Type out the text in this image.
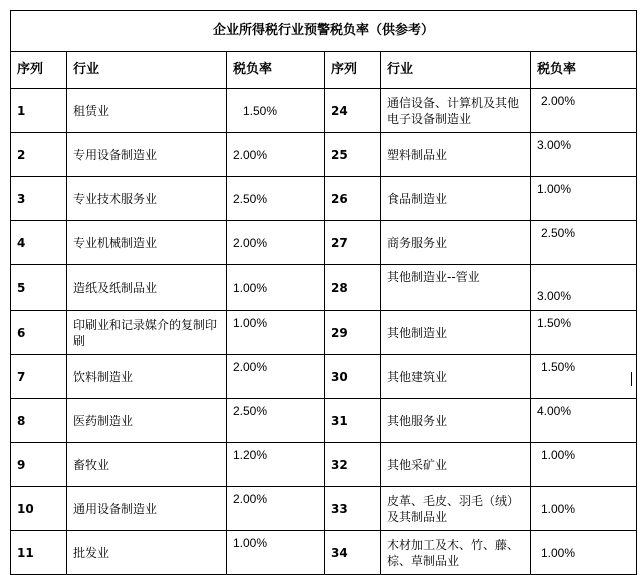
企业所得税行业预警税负率（供参考）					
序列	行业	税负率	序列	行业	税负率
1	租赁业	1.50%	24	通信设备、计算机及其他电子设备制造业	2.00%
2	专用设备制造业	2.00%	25	塑料制品业	3.00%
3	专业技术服务业	2.50%	26	食品制造业	1.00%
4	专业机械制造业	2.00%	27	商务服务业	2.50%
5	造纸及纸制品业	1.00%	28	其他制造业--管业	3.00%
6	印刷业和记录媒介的复制印刷	1.00%	29	其他制造业	1.50%
7	饮料制造业	2.00%	30	其他建筑业	1.50%
8	医药制造业	2.50%	31	其他服务业	4.00%
9	畜牧业	1.20%	32	其他采矿业	1.00%
10	通用设备制造业	2.00%	33	皮革、毛皮、羽毛（绒）及其制品业	1.00%
11	批发业	1.00%	34	木材加工及木、竹、藤、棕、草制品业	1.00%
